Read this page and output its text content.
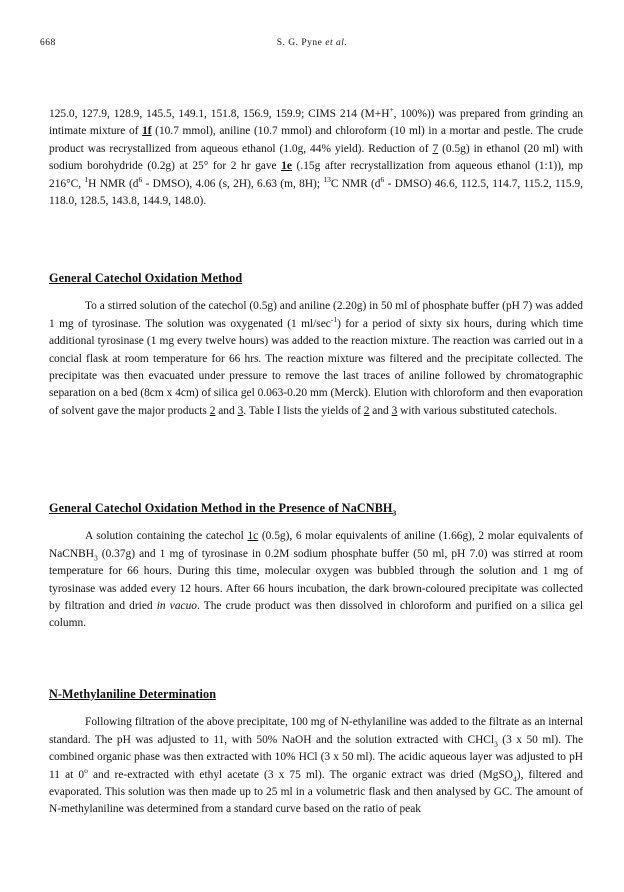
668	S. G. Pyne et al.

125.0, 127.9, 128.9, 145.5, 149.1, 151.8, 156.9, 159.9; CIMS 214 (M+H+, 100%)) was prepared from grinding an intimate mixture of 1f (10.7 mmol), aniline (10.7 mmol) and chloroform (10 ml) in a mortar and pestle. The crude product was recrystallized from aqueous ethanol (1.0g, 44% yield). Reduction of 7 (0.5g) in ethanol (20 ml) with sodium borohydride (0.2g) at 25° for 2 hr gave 1e (.15g after recrystallization from aqueous ethanol (1:1)), mp 216°C, $^1$H NMR ($d^6$ - DMSO), 4.06 (s, 2H), 6.63 (m, 8H); $^{13}$C NMR ($d^6$ - DMSO) 46.6, 112.5, 114.7, 115.2, 115.9, 118.0, 128.5, 143.8, 144.9, 148.0).

General Catechol Oxidation Method

To a stirred solution of the catechol (0.5g) and aniline (2.20g) in 50 ml of phosphate buffer (pH 7) was added 1 mg of tyrosinase. The solution was oxygenated (1 $ml/\sec^{-1}$) for a period of sixty six hours, during which time additional tyrosinase (1 mg every twelve hours) was added to the reaction mixture. The reaction was carried out in a concial flask at room temperature for 66 hrs. The reaction mixture was filtered and the precipitate collected. The precipitate was then evacuated under pressure to remove the last traces of aniline followed by chromatographic separation on a bed (8cm x 4cm) of silica gel 0.063-0.20 mm (Merck). Elution with chloroform and then evaporation of solvent gave the major products 2 and 3. Table I lists the yields of 2 and 3 with various substituted catechols.

General Catechol Oxidation Method in the Presence of NaCNBH$_3$

A solution containing the catechol 1c (0.5g), 6 molar equivalents of aniline (1.66g), 2 molar equivalents of NaCNBH$_3$ (0.37g) and 1 mg of tyrosinase in 0.2M sodium phosphate buffer (50 ml, pH 7.0) was stirred at room temperature for 66 hours. During this time, molecular oxygen was bubbled through the solution and 1 mg of tyrosinase was added every 12 hours. After 66 hours incubation, the dark brown-coloured precipitate was collected by filtration and dried in vacuo. The crude product was then dissolved in chloroform and purified on a silica gel column.

N-Methylaniline Determination

Following filtration of the above precipitate, 100 mg of N-ethylaniline was added to the filtrate as an internal standard. The pH was adjusted to 11, with 50% NaOH and the solution extracted with CHCl$_3$ (3 x 50 ml). The combined organic phase was then extracted with 10% HCl (3 x 50 ml). The acidic aqueous layer was adjusted to pH 11 at 0$^o$ and re-extracted with ethyl acetate (3 x 75 ml). The organic extract was dried (MgSO$_4$), filtered and evaporated. This solution was then made up to 25 ml in a volumetric flask and then analysed by GC. The amount of N-methylaniline was determined from a standard curve based on the ratio of peak
